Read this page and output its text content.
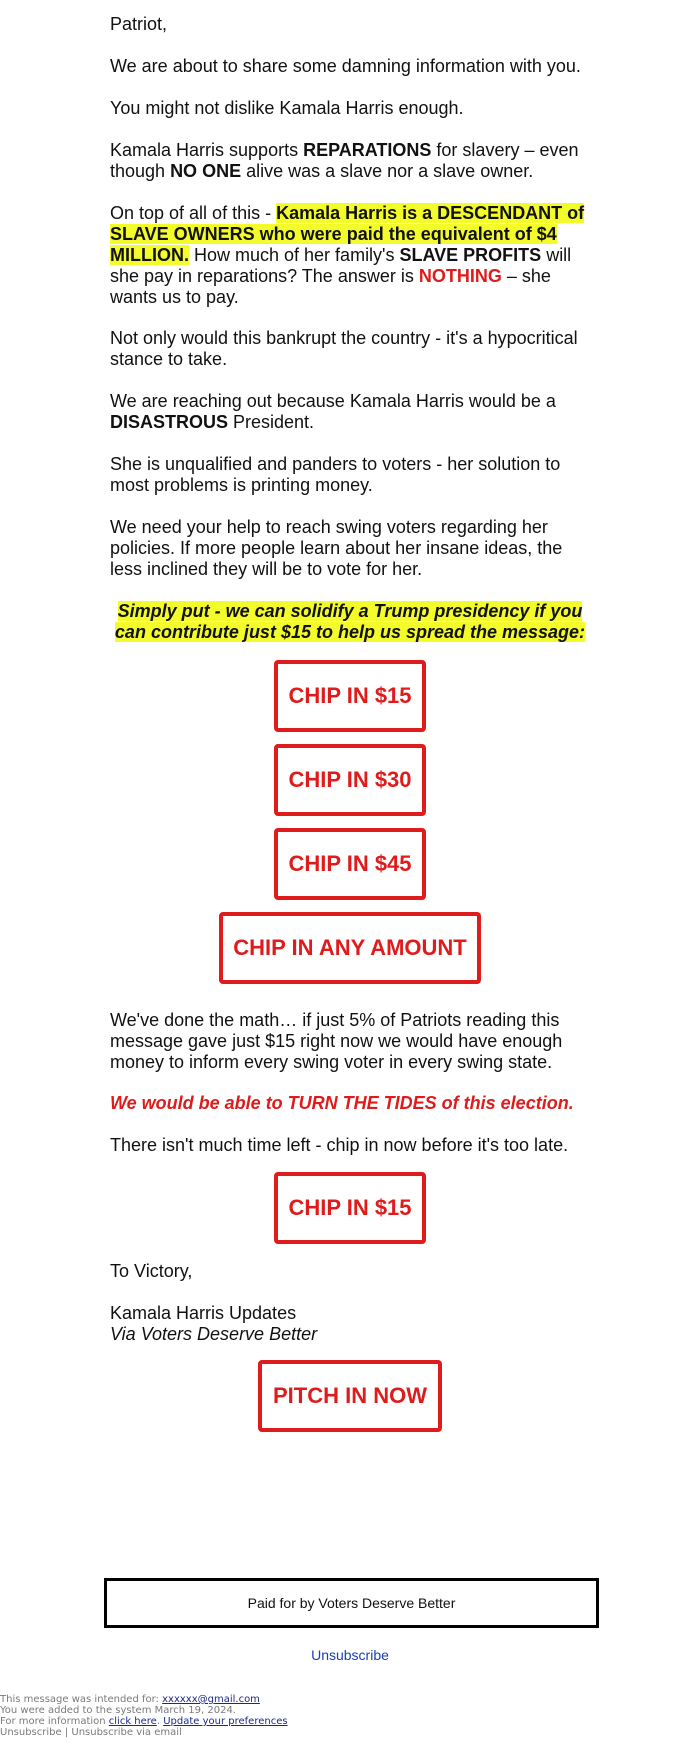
Patriot,

We are about to share some damning information with you.

You might not dislike Kamala Harris enough.

Kamala Harris supports REPARATIONS for slavery – even though NO ONE alive was a slave nor a slave owner.

On top of all of this - Kamala Harris is a DESCENDANT of SLAVE OWNERS who were paid the equivalent of $4 MILLION. How much of her family's SLAVE PROFITS will she pay in reparations? The answer is NOTHING – she wants us to pay.

Not only would this bankrupt the country - it's a hypocritical stance to take.

We are reaching out because Kamala Harris would be a DISASTROUS President.

She is unqualified and panders to voters - her solution to most problems is printing money.

We need your help to reach swing voters regarding her policies. If more people learn about her insane ideas, the less inclined they will be to vote for her.

Simply put - we can solidify a Trump presidency if you can contribute just $15 to help us spread the message:
CHIP IN $15
CHIP IN $30
CHIP IN $45
CHIP IN ANY AMOUNT

We've done the math… if just 5% of Patriots reading this message gave just $15 right now we would have enough money to inform every swing voter in every swing state.

We would be able to TURN THE TIDES of this election.

There isn't much time left - chip in now before it's too late.

CHIP IN $15

To Victory,

Kamala Harris Updates

Via Voters Deserve Better

PITCH IN NOW
Paid for by Voters Deserve Better
Unsubscribe
This message was intended for: xxxxxx@gmail.com
You were added to the system March 19, 2024.
For more information click here. Update your preferences
Unsubscribe | Unsubscribe via email
